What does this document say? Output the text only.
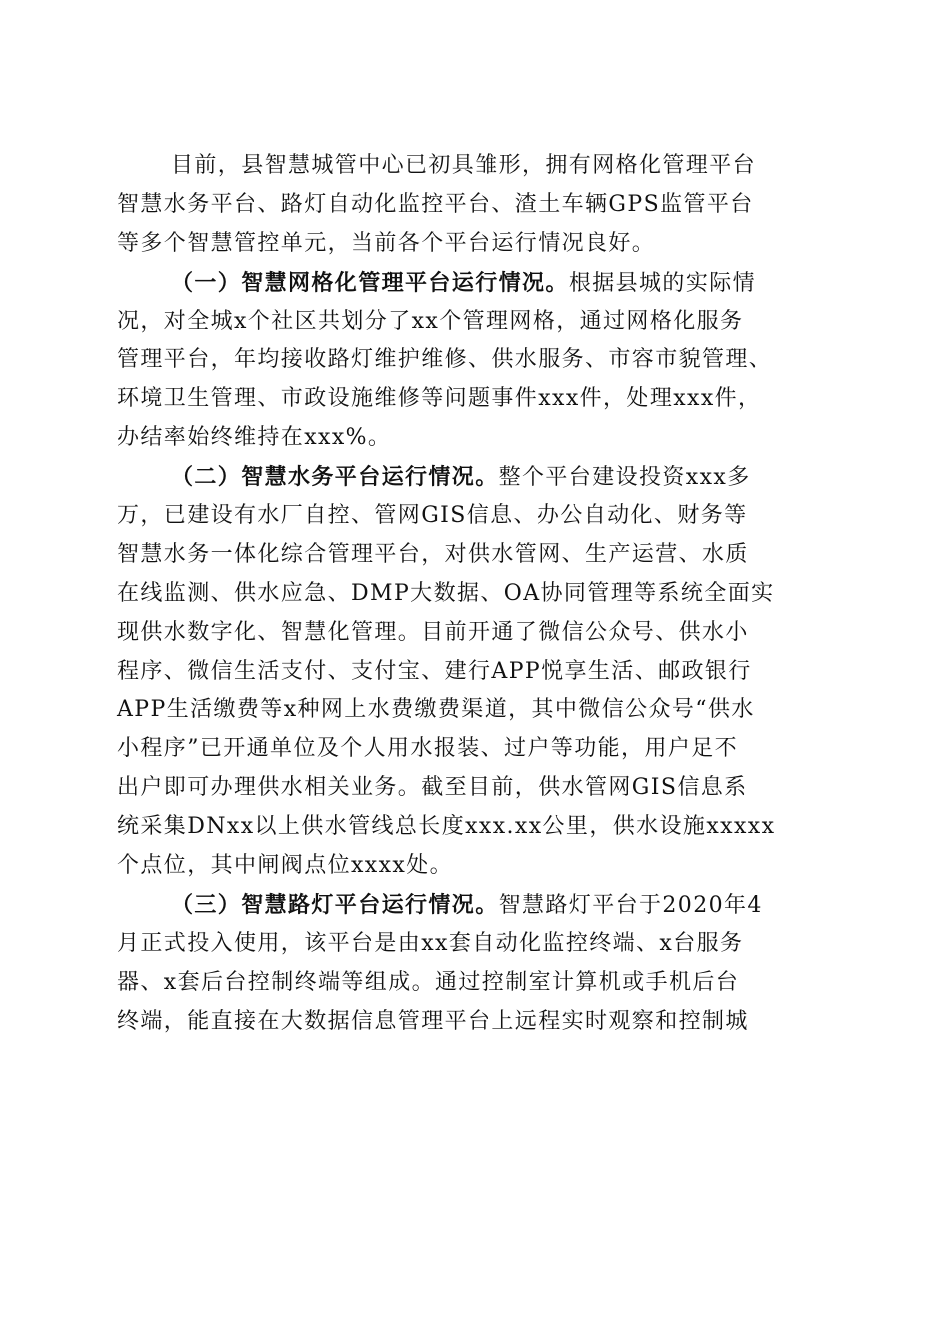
目前，县智慧城管中心已初具雏形，拥有网格化管理平台
智慧水务平台、路灯自动化监控平台、渣土车辆GPS监管平台
等多个智慧管控单元，当前各个平台运行情况良好。
（一）智慧网格化管理平台运行情况。根据县城的实际情
况，对全城x个社区共划分了xx个管理网格，通过网格化服务
管理平台，年均接收路灯维护维修、供水服务、市容市貌管理、
环境卫生管理、市政设施维修等问题事件xxx件，处理xxx件，
办结率始终维持在xxx%。
（二）智慧水务平台运行情况。整个平台建设投资xxx多
万，已建设有水厂自控、管网GIS信息、办公自动化、财务等
智慧水务一体化综合管理平台，对供水管网、生产运营、水质
在线监测、供水应急、DMP大数据、OA协同管理等系统全面实
现供水数字化、智慧化管理。目前开通了微信公众号、供水小
程序、微信生活支付、支付宝、建行APP悦享生活、邮政银行
APP生活缴费等x种网上水费缴费渠道，其中微信公众号“供水
小程序”已开通单位及个人用水报装、过户等功能，用户足不
出户即可办理供水相关业务。截至目前，供水管网GIS信息系
统采集DNxx以上供水管线总长度xxx.xx公里，供水设施xxxxx
个点位，其中闸阀点位xxxx处。
（三）智慧路灯平台运行情况。智慧路灯平台于2020年4
月正式投入使用，该平台是由xx套自动化监控终端、x台服务
器、x套后台控制终端等组成。通过控制室计算机或手机后台
终端，能直接在大数据信息管理平台上远程实时观察和控制城
